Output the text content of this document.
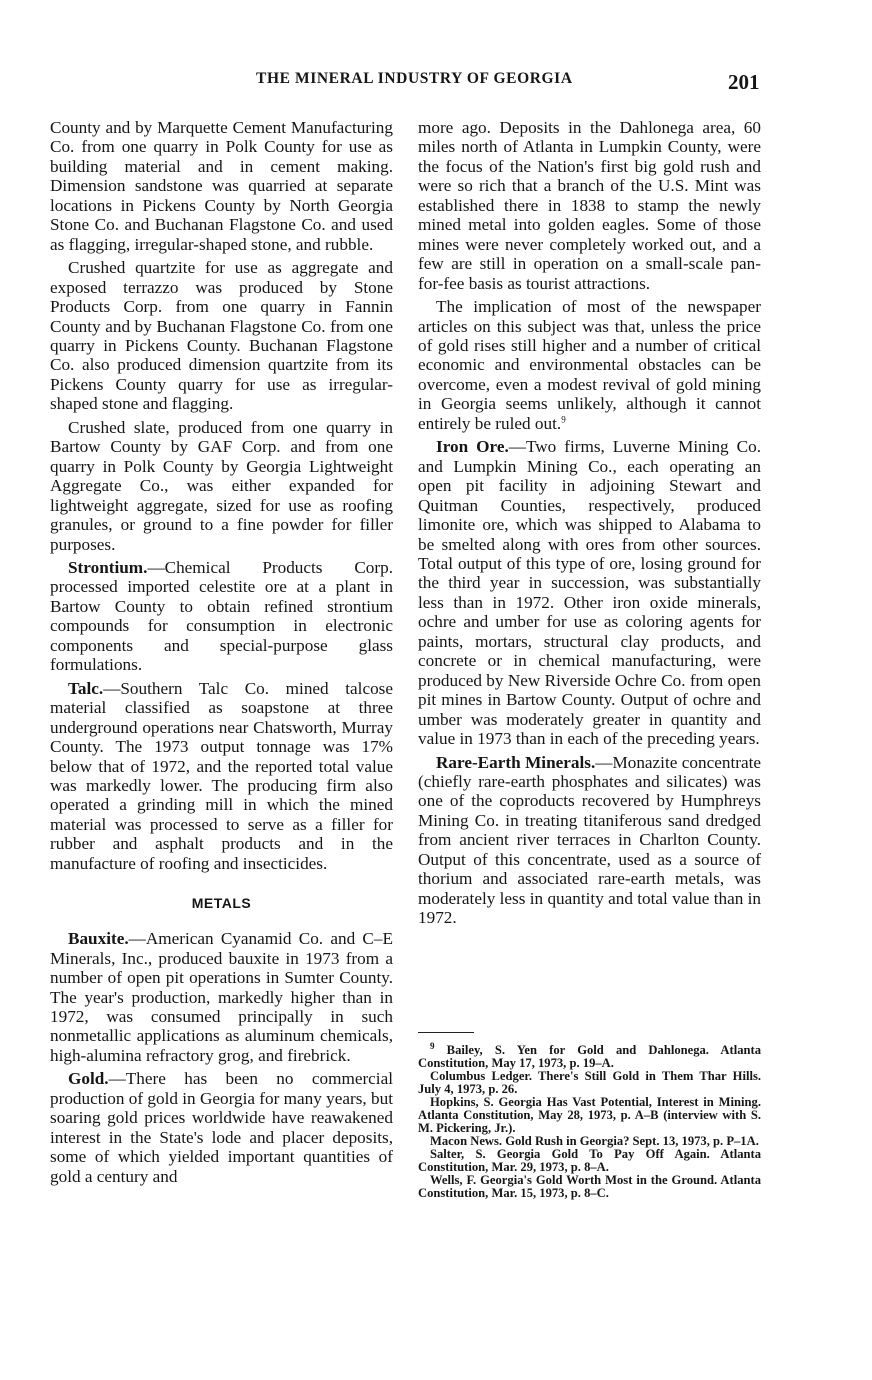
THE MINERAL INDUSTRY OF GEORGIA	201

County and by Marquette Cement Manufacturing Co. from one quarry in Polk County for use as building material and in cement making. Dimension sandstone was quarried at separate locations in Pickens County by North Georgia Stone Co. and Buchanan Flagstone Co. and used as flagging, irregular-shaped stone, and rubble.

Crushed quartzite for use as aggregate and exposed terrazzo was produced by Stone Products Corp. from one quarry in Fannin County and by Buchanan Flagstone Co. from one quarry in Pickens County. Buchanan Flagstone Co. also produced dimension quartzite from its Pickens County quarry for use as irregular-shaped stone and flagging.

Crushed slate, produced from one quarry in Bartow County by GAF Corp. and from one quarry in Polk County by Georgia Lightweight Aggregate Co., was either expanded for lightweight aggregate, sized for use as roofing granules, or ground to a fine powder for filler purposes.

Strontium.—Chemical Products Corp. processed imported celestite ore at a plant in Bartow County to obtain refined strontium compounds for consumption in electronic components and special-purpose glass formulations.

Talc.—Southern Talc Co. mined talcose material classified as soapstone at three underground operations near Chatsworth, Murray County. The 1973 output tonnage was 17% below that of 1972, and the reported total value was markedly lower. The producing firm also operated a grinding mill in which the mined material was processed to serve as a filler for rubber and asphalt products and in the manufacture of roofing and insecticides.

METALS

Bauxite.—American Cyanamid Co. and C–E Minerals, Inc., produced bauxite in 1973 from a number of open pit operations in Sumter County. The year's production, markedly higher than in 1972, was consumed principally in such nonmetallic applications as aluminum chemicals, high-alumina refractory grog, and firebrick.

Gold.—There has been no commercial production of gold in Georgia for many years, but soaring gold prices worldwide have reawakened interest in the State's lode and placer deposits, some of which yielded important quantities of gold a century and

more ago. Deposits in the Dahlonega area, 60 miles north of Atlanta in Lumpkin County, were the focus of the Nation's first big gold rush and were so rich that a branch of the U.S. Mint was established there in 1838 to stamp the newly mined metal into golden eagles. Some of those mines were never completely worked out, and a few are still in operation on a small-scale pan-for-fee basis as tourist attractions.

The implication of most of the newspaper articles on this subject was that, unless the price of gold rises still higher and a number of critical economic and environmental obstacles can be overcome, even a modest revival of gold mining in Georgia seems unlikely, although it cannot entirely be ruled out.$^9$

Iron Ore.—Two firms, Luverne Mining Co. and Lumpkin Mining Co., each operating an open pit facility in adjoining Stewart and Quitman Counties, respectively, produced limonite ore, which was shipped to Alabama to be smelted along with ores from other sources. Total output of this type of ore, losing ground for the third year in succession, was substantially less than in 1972. Other iron oxide minerals, ochre and umber for use as coloring agents for paints, mortars, structural clay products, and concrete or in chemical manufacturing, were produced by New Riverside Ochre Co. from open pit mines in Bartow County. Output of ochre and umber was moderately greater in quantity and value in 1973 than in each of the preceding years.

Rare-Earth Minerals.—Monazite concentrate (chiefly rare-earth phosphates and silicates) was one of the coproducts recovered by Humphreys Mining Co. in treating titaniferous sand dredged from ancient river terraces in Charlton County. Output of this concentrate, used as a source of thorium and associated rare-earth metals, was moderately less in quantity and total value than in 1972.

$^9$ Bailey, S. Yen for Gold and Dahlonega. Atlanta Constitution, May 17, 1973, p. 19–A.

Columbus Ledger. There's Still Gold in Them Thar Hills. July 4, 1973, p. 26.

Hopkins, S. Georgia Has Vast Potential, Interest in Mining. Atlanta Constitution, May 28, 1973, p. A–B (interview with S. M. Pickering, Jr.).

Macon News. Gold Rush in Georgia? Sept. 13, 1973, p. P–1A.

Salter, S. Georgia Gold To Pay Off Again. Atlanta Constitution, Mar. 29, 1973, p. 8–A.

Wells, F. Georgia's Gold Worth Most in the Ground. Atlanta Constitution, Mar. 15, 1973, p. 8–C.
